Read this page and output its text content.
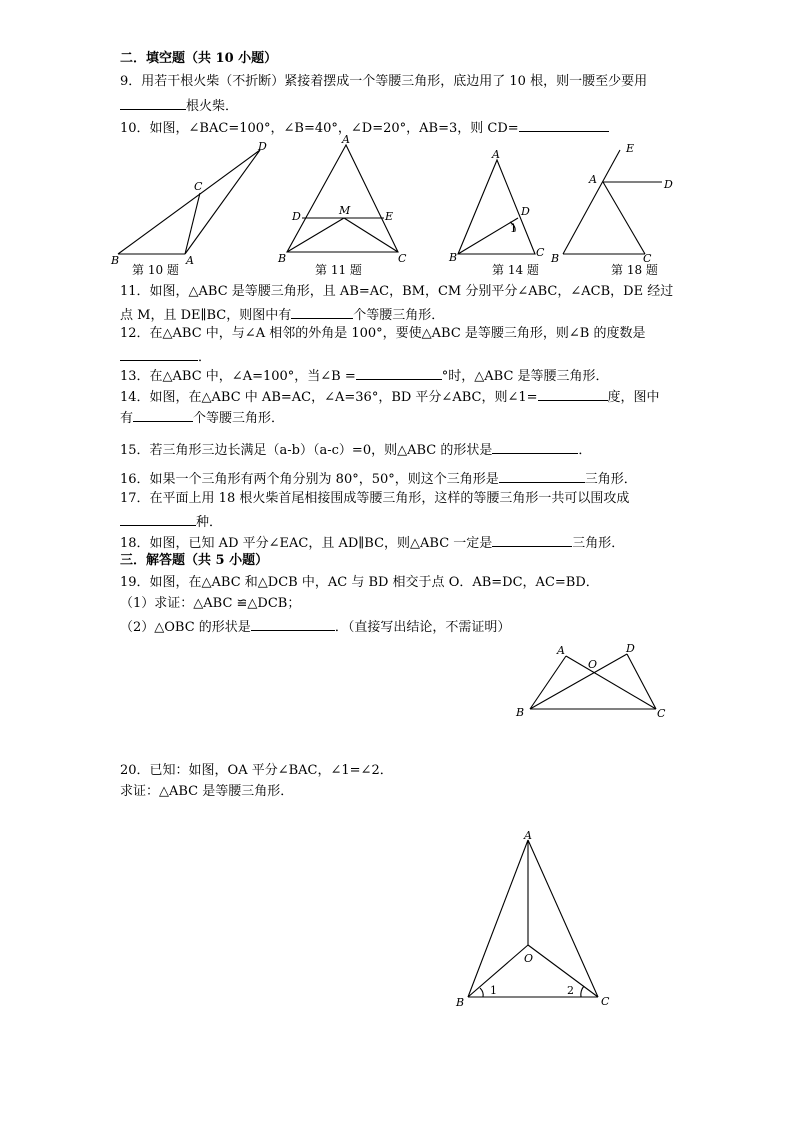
二．填空题（共 10 小题）
9．用若干根火柴（不折断）紧接着摆成一个等腰三角形，底边用了 10 根，则一腰至少要用
根火柴．
10．如图，∠BAC=100°，∠B=40°，∠D=20°，AB=3，则 CD=
B	A
C
D
A
B	C
D	E
M
A
B	C
D
1
A
B	C
D
E
A
B	C
D
O
A
B	C
O
1	2
第 10 题	第 11 题	第 14 题	第 18 题
11．如图，△ABC 是等腰三角形，且 AB=AC，BM，CM 分别平分∠ABC，∠ACB，DE 经过
点 M，且 DE∥BC，则图中有	个等腰三角形．
12．在△ABC 中，与∠A 相邻的外角是 100°，要使△ABC 是等腰三角形，则∠B 的度数是
．
13．在△ABC 中，∠A=100°，当∠B =	°时，△ABC 是等腰三角形．
14．如图，在△ABC 中 AB=AC，∠A=36°，BD 平分∠ABC，则∠1=	度，图中
有	个等腰三角形．
15．若三角形三边长满足（a-b）（a-c）=0，则△ABC 的形状是	．
16．如果一个三角形有两个角分别为 80°，50°，则这个三角形是	三角形．
17．在平面上用 18 根火柴首尾相接围成等腰三角形，这样的等腰三角形一共可以围攻成
种．
18．如图，已知 AD 平分∠EAC，且 AD∥BC，则△ABC 一定是	三角形．
三．解答题（共 5 小题）
19．如图，在△ABC 和△DCB 中，AC 与 BD 相交于点 O．AB=DC，AC=BD．
（1）求证：△ABC ≌△DCB；
（2）△OBC 的形状是	．（直接写出结论，不需证明）
20．已知：如图，OA 平分∠BAC，∠1=∠2．
求证：△ABC 是等腰三角形．
